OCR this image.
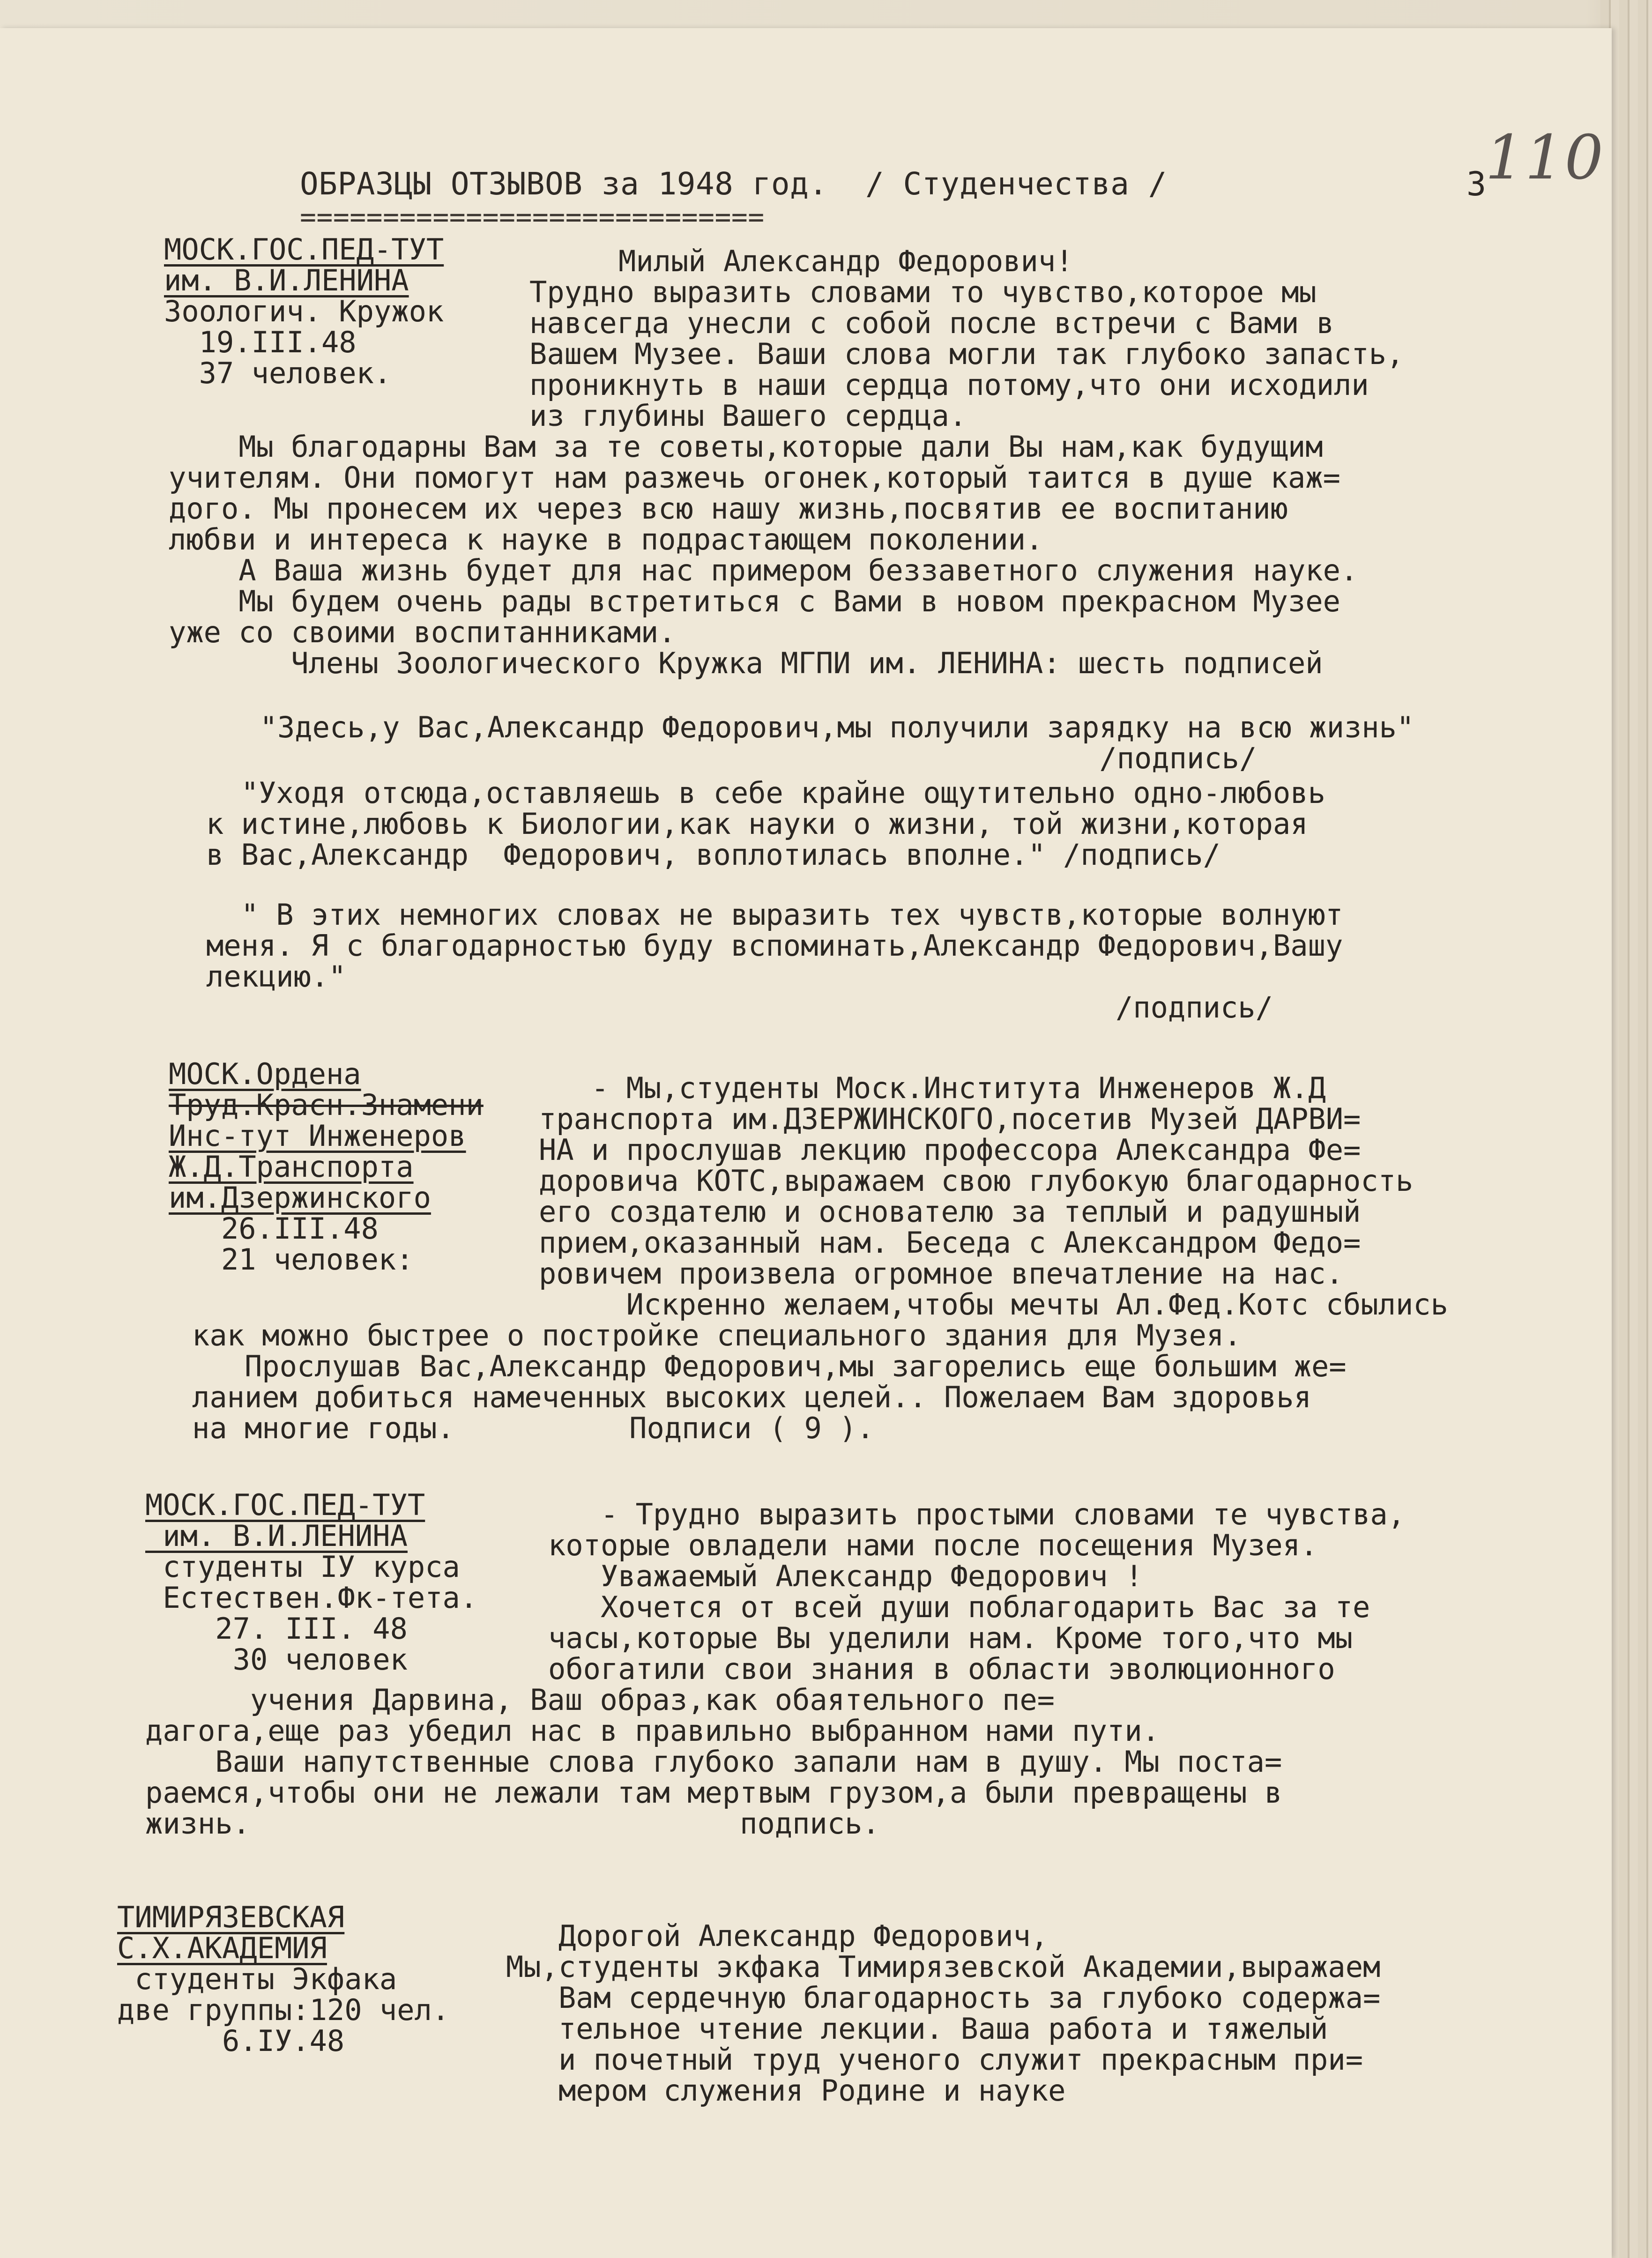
ОБРАЗЦЫ ОТЗЫВОВ за 1948 год.  / Студенчества /
============================
3
110
МОСК.ГОС.ПЕД-ТУТ
им. В.И.ЛЕНИНА
Зоологич. Кружок
19.III.48
37 человек.
Милый Александр Федорович!
Трудно выразить словами то чувство,которое мы
навсегда унесли с собой после встречи с Вами в
Вашем Музее. Ваши слова могли так глубоко запасть,
проникнуть в наши сердца потому,что они исходили
из глубины Вашего сердца.
Мы благодарны Вам за те советы,которые дали Вы нам,как будущим
учителям. Они помогут нам разжечь огонек,который таится в душе каж=
дого. Мы пронесем их через всю нашу жизнь,посвятив ее воспитанию
любви и интереса к науке в подрастающем поколении.
А Ваша жизнь будет для нас примером беззаветного служения науке.
Мы будем очень рады встретиться с Вами в новом прекрасном Музее
уже со своими воспитанниками.
Члены Зоологического Кружка МГПИ им. ЛЕНИНА: шесть подписей
"Здесь,у Вас,Александр Федорович,мы получили зарядку на всю жизнь"
/подпись/
"Уходя отсюда,оставляешь в себе крайне ощутительно одно-любовь
к истине,любовь к Биологии,как науки о жизни, той жизни,которая
в Вас,Александр  Федорович, воплотилась вполне." /подпись/
" В этих немногих словах не выразить тех чувств,которые волнуют
меня. Я с благодарностью буду вспоминать,Александр Федорович,Вашу
лекцию."
/подпись/
МОСК.Ордена
Труд.Красн.Знамени
Инс-тут Инженеров
Ж.Д.Транспорта
им.Дзержинского
26.III.48
21 человек:
- Мы,студенты Моск.Института Инженеров Ж.Д
транспорта им.ДЗЕРЖИНСКОГО,посетив Музей ДАРВИ=
НА и прослушав лекцию профессора Александра Фе=
доровича КОТС,выражаем свою глубокую благодарность
его создателю и основателю за теплый и радушный
прием,оказанный нам. Беседа с Александром Федо=
ровичем произвела огромное впечатление на нас.
Искренно желаем,чтобы мечты Ал.Фед.Котс сбылись
как можно быстрее о постройке специального здания для Музея.
Прослушав Вас,Александр Федорович,мы загорелись еще большим же=
ланием добиться намеченных высоких целей.. Пожелаем Вам здоровья
на многие годы.          Подписи ( 9 ).
МОСК.ГОС.ПЕД-ТУТ
им. В.И.ЛЕНИНА
студенты IУ курса
Естествен.Фк-тета.
27. III. 48
30 человек
- Трудно выразить простыми словами те чувства,
которые овладели нами после посещения Музея.
Уважаемый Александр Федорович !
Хочется от всей души поблагодарить Вас за те
часы,которые Вы уделили нам. Кроме того,что мы
обогатили свои знания в области эволюционного
учения Дарвина, Ваш образ,как обаятельного пе=
дагога,еще раз убедил нас в правильно выбранном нами пути.
Ваши напутственные слова глубоко запали нам в душу. Мы поста=
раемся,чтобы они не лежали там мертвым грузом,а были превращены в
жизнь.                            подпись.
ТИМИРЯЗЕВСКАЯ
С.Х.АКАДЕМИЯ
студенты Экфака
две группы:120 чел.
6.IУ.48
Дорогой Александр Федорович,
Мы,студенты экфака Тимирязевской Академии,выражаем
Вам сердечную благодарность за глубоко содержа=
тельное чтение лекции. Ваша работа и тяжелый
и почетный труд ученого служит прекрасным при=
мером служения Родине и науке
